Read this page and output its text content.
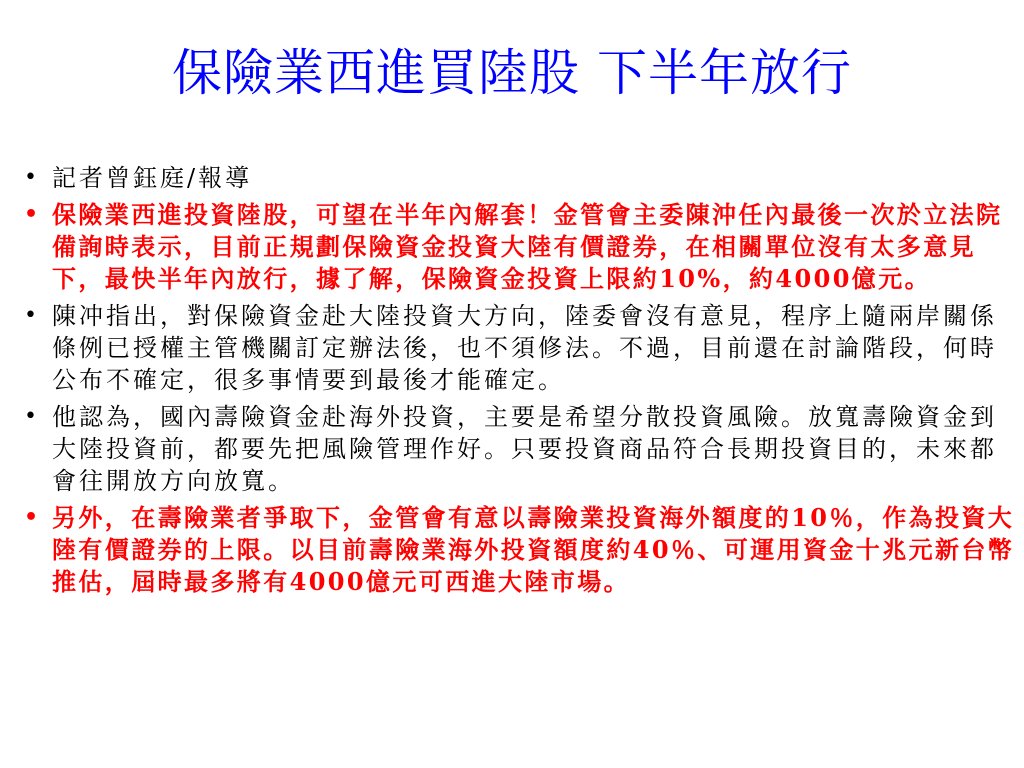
保險業西進買陸股 下半年放行
• 記者曾鈺庭/報導
• 保險業西進投資陸股，可望在半年內解套！金管會主委陳沖任內最後一次於立法院備詢時表示，目前正規劃保險資金投資大陸有價證券，在相關單位沒有太多意見下，最快半年內放行，據了解，保險資金投資上限約10%，約4000億元。
• 陳冲指出，對保險資金赴大陸投資大方向，陸委會沒有意見，程序上隨兩岸關係條例已授權主管機關訂定辦法後，也不須修法。不過，目前還在討論階段，何時公布不確定，很多事情要到最後才能確定。
• 他認為，國內壽險資金赴海外投資，主要是希望分散投資風險。放寬壽險資金到大陸投資前，都要先把風險管理作好。只要投資商品符合長期投資目的，未來都會往開放方向放寬。
• 另外，在壽險業者爭取下，金管會有意以壽險業投資海外額度的10％，作為投資大陸有價證券的上限。以目前壽險業海外投資額度約40％、可運用資金十兆元新台幣推估，屆時最多將有4000億元可西進大陸市場。
